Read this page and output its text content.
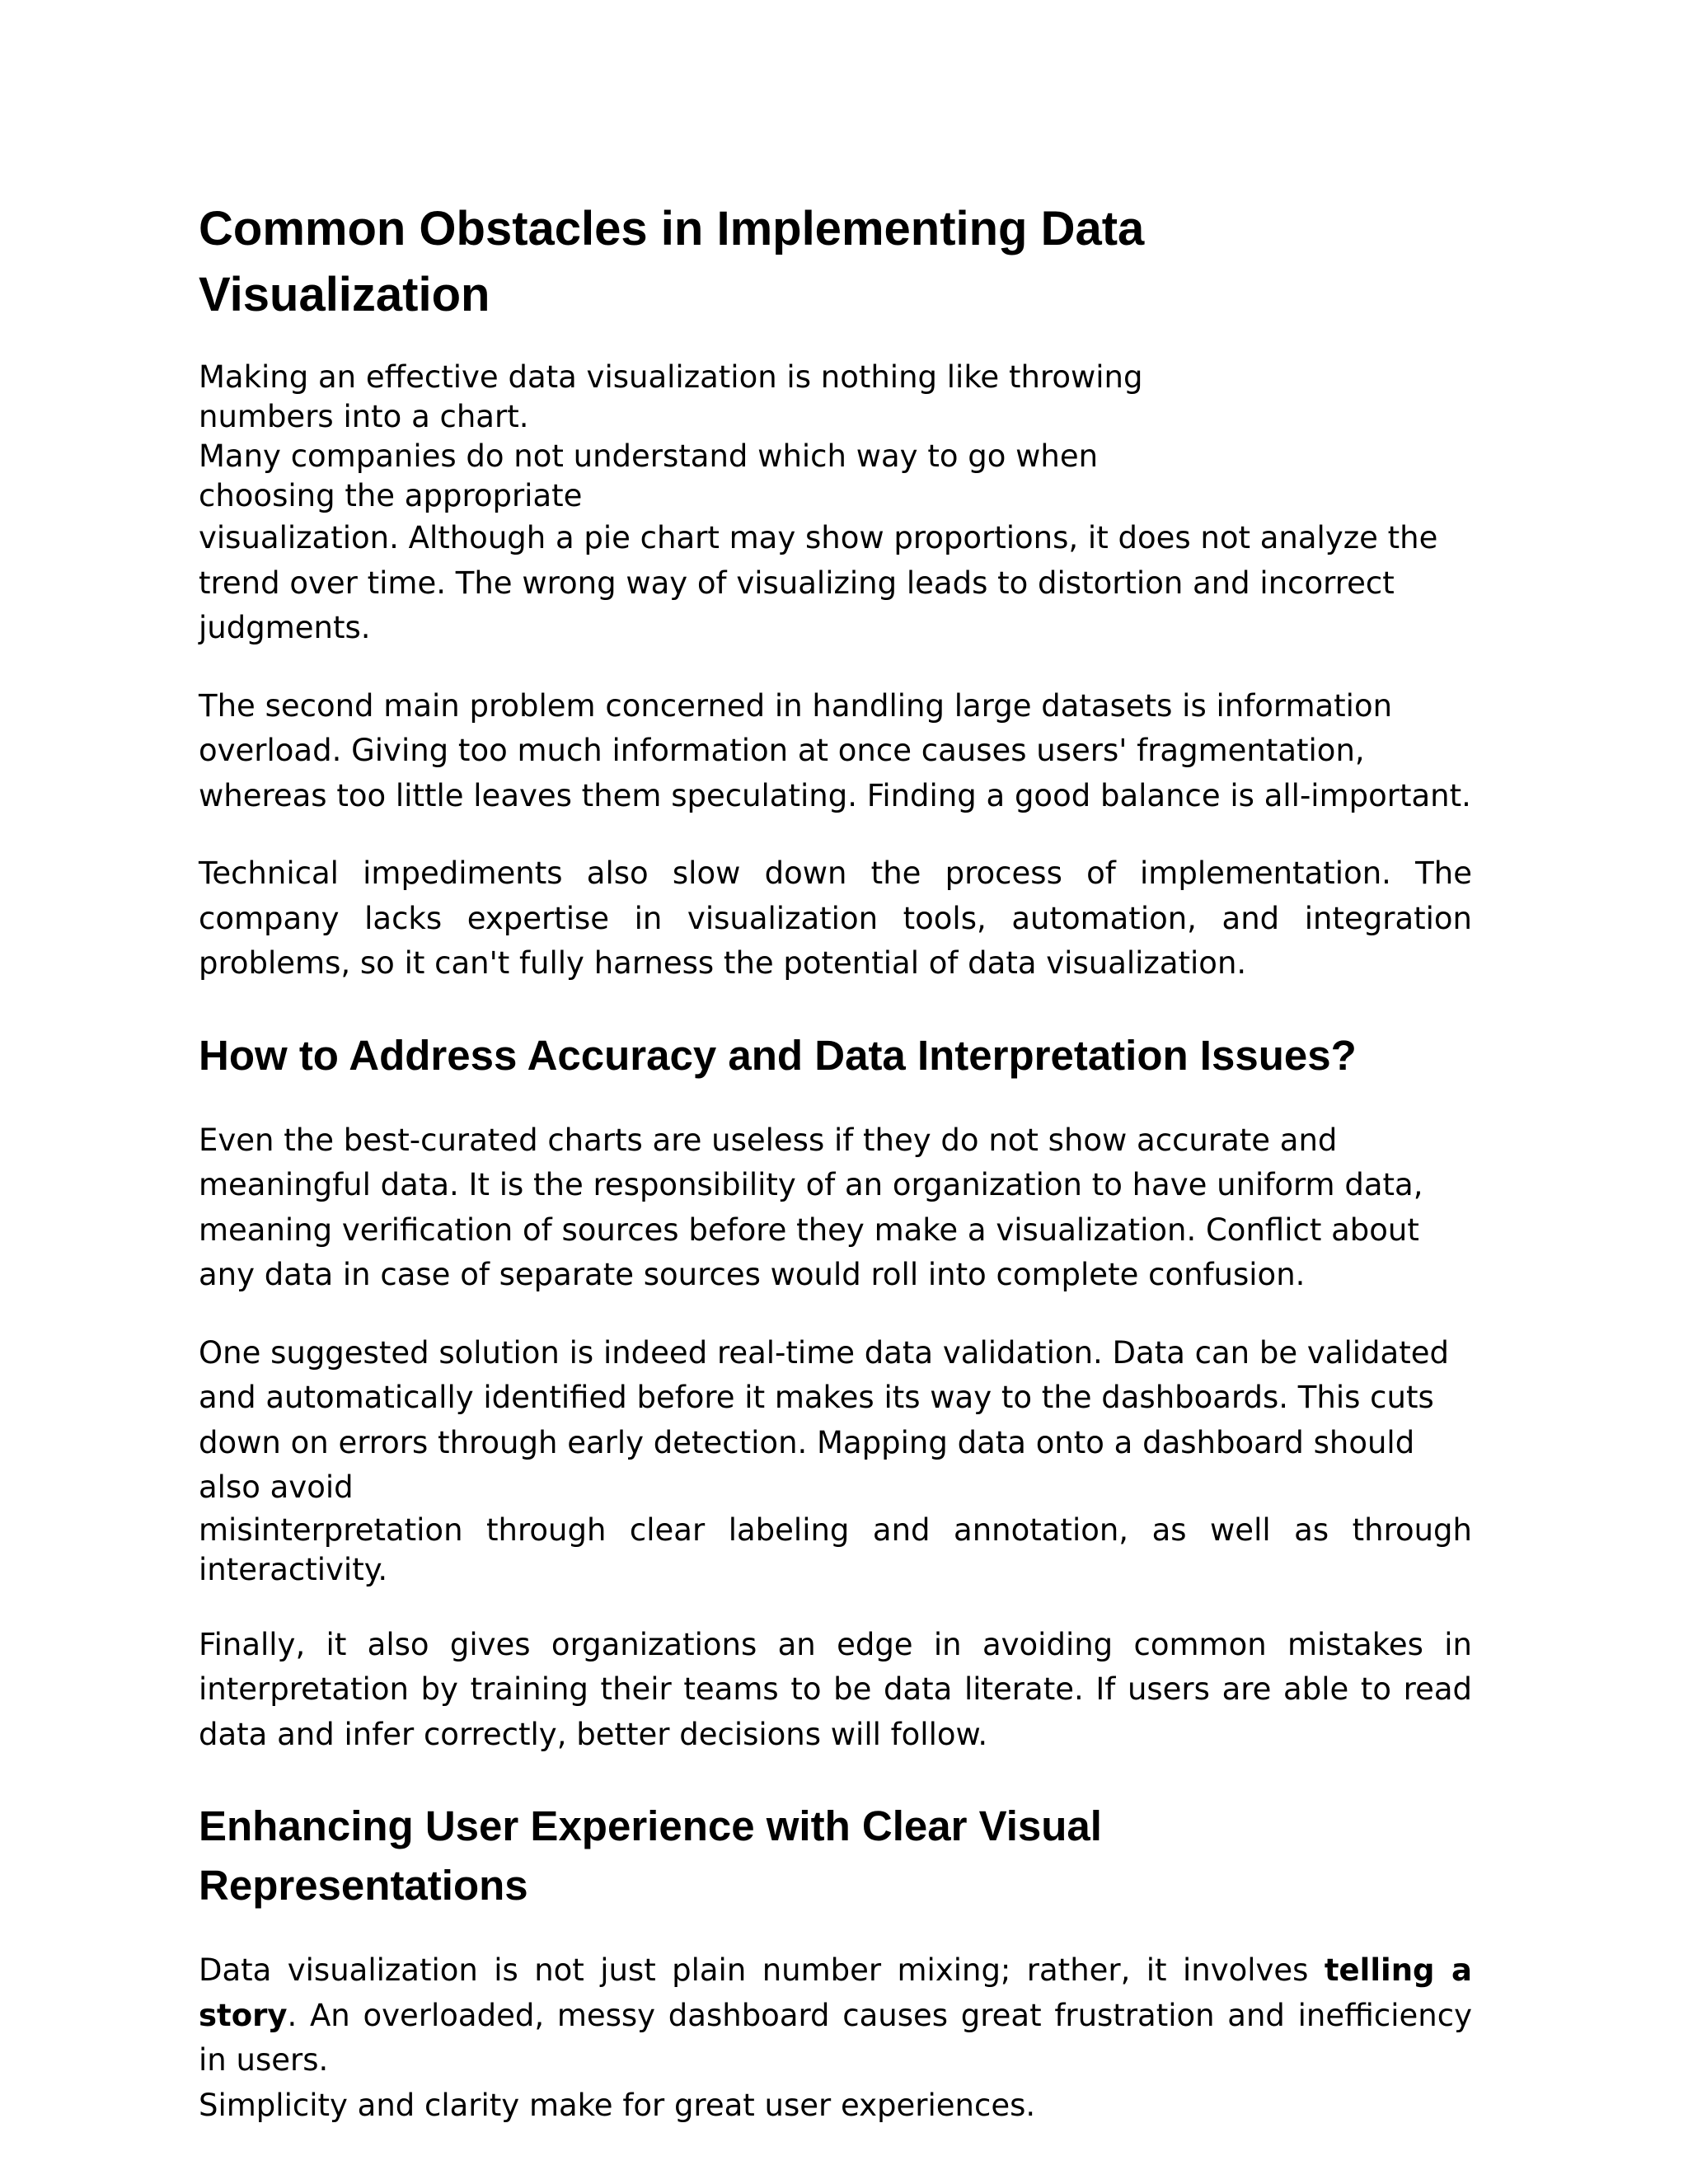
Common Obstacles in Implementing Data Visualization

Making an effective data visualization is nothing like throwing
numbers into a chart.
Many companies do not understand which way to go when
choosing the appropriate
visualization. Although a pie chart may show proportions, it does not analyze the trend over time. The wrong way of visualizing leads to distortion and incorrect judgments.

The second main problem concerned in handling large datasets is information overload. Giving too much information at once causes users' fragmentation, whereas too little leaves them speculating. Finding a good balance is all-important.

Technical impediments also slow down the process of implementation. The company lacks expertise in visualization tools, automation, and integration problems, so it can't fully harness the potential of data visualization.

How to Address Accuracy and Data Interpretation Issues?

Even the best-curated charts are useless if they do not show accurate and meaningful data. It is the responsibility of an organization to have uniform data, meaning verification of sources before they make a visualization. Conflict about any data in case of separate sources would roll into complete confusion.

One suggested solution is indeed real-time data validation. Data can be validated and automatically identified before it makes its way to the dashboards. This cuts down on errors through early detection. Mapping data onto a dashboard should also avoid
misinterpretation through clear labeling and annotation, as well as through interactivity.

Finally, it also gives organizations an edge in avoiding common mistakes in interpretation by training their teams to be data literate. If users are able to read data and infer correctly, better decisions will follow.

Enhancing User Experience with Clear Visual Representations

Data visualization is not just plain number mixing; rather, it involves telling a story. An overloaded, messy dashboard causes great frustration and inefficiency in users.
Simplicity and clarity make for great user experiences.
